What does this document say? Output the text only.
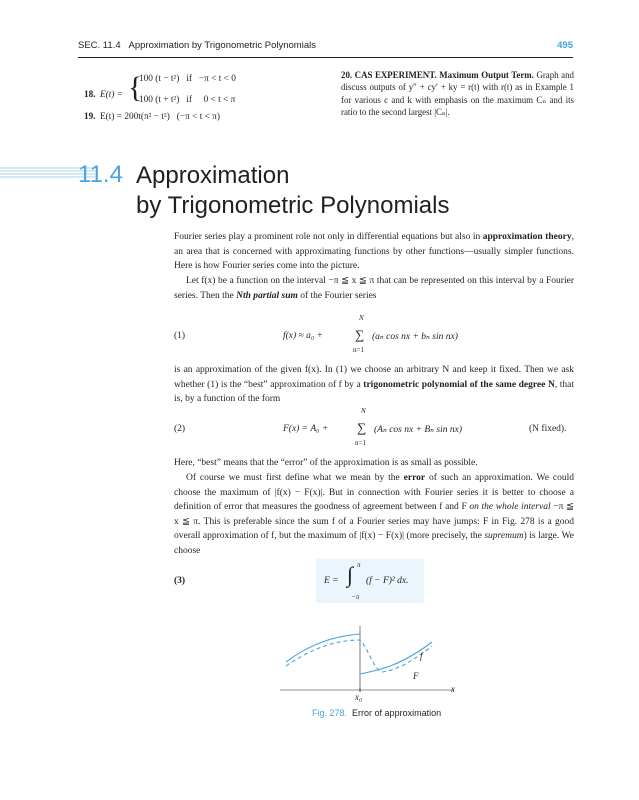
SEC. 11.4 Approximation by Trigonometric Polynomials	495
18. E(t) = {
100 (t − t²)   if   −π < t < 0
100 (t + t²)   if     0 < t < π
19. E(t) = 200t(π² − t²)   (−π < t < π)
20. CAS EXPERIMENT. Maximum Output Term. Graph and discuss outputs of y″ + cy′ + ky = r(t) with r(t) as in Example 1 for various c and k with emphasis on the maximum Cₙ and its ratio to the second largest |Cₙ|.
11.4 Approximation
by Trigonometric Polynomials
Fourier series play a prominent role not only in differential equations but also in approximation theory, an area that is concerned with approximating functions by other functions—usually simpler functions. Here is how Fourier series come into the picture.
Let f(x) be a function on the interval −π ≦ x ≦ π that can be represented on this interval by a Fourier series. Then the Nth partial sum of the Fourier series
(1)	f(x) ≈ a₀ +
N
∑
n=1
(aₙ cos nx + bₙ sin nx)
is an approximation of the given f(x). In (1) we choose an arbitrary N and keep it fixed. Then we ask whether (1) is the “best” approximation of f by a trigonometric polynomial of the same degree N, that is, by a function of the form
(2)	F(x) = A₀ +
N
∑
n=1
(Aₙ cos nx + Bₙ sin nx)	(N fixed).
Here, “best” means that the “error” of the approximation is as small as possible.
Of course we must first define what we mean by the error of such an approximation. We could choose the maximum of |f(x) − F(x)|. But in connection with Fourier series it is better to choose a definition of error that measures the goodness of agreement between f and F on the whole interval −π ≦ x ≦ π. This is preferable since the sum f of a Fourier series may have jumps: F in Fig. 278 is a good overall approximation of f, but the maximum of |f(x) − F(x)| (more precisely, the supremum) is large. We choose
(3)	E = ∫ π
−π
(f − F)² dx.
f
F
x₀
x
Fig. 278. Error of approximation
